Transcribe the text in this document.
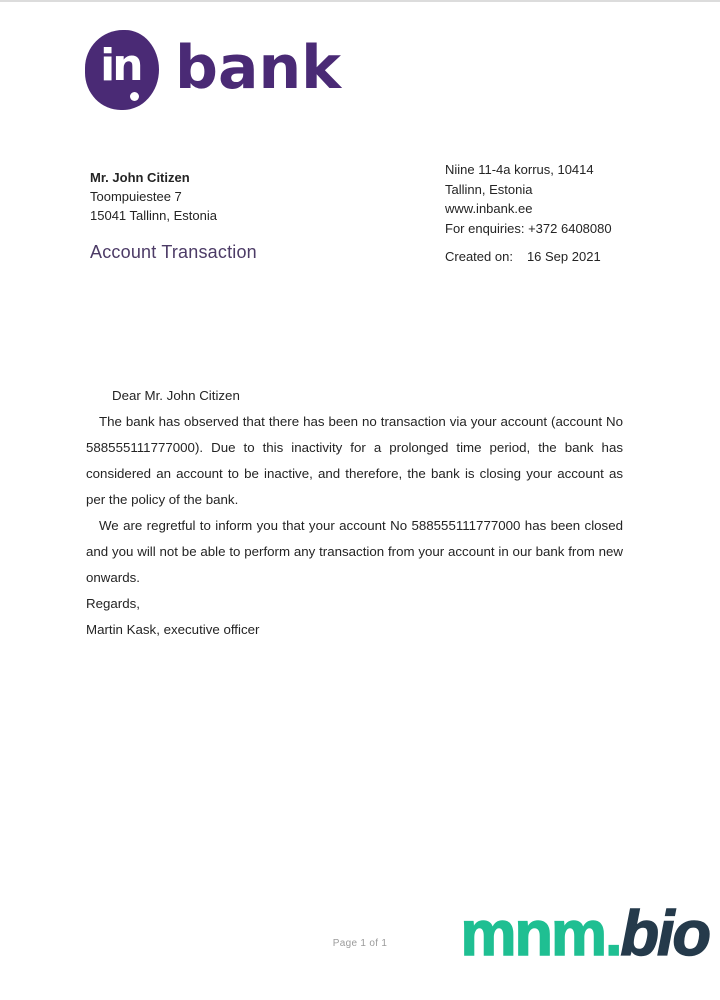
in bank
Mr. John Citizen
Toompuiestee 7
15041 Tallinn, Estonia
Account Transaction
Niine 11-4a korrus, 10414
Tallinn, Estonia
www.inbank.ee
For enquiries: +372 6408080
Created on: 16 Sep 2021

Dear Mr. John Citizen

The bank has observed that there has been no transaction via your account (account No 588555111777000). Due to this inactivity for a prolonged time period, the bank has considered an account to be inactive, and therefore, the bank is closing your account as per the policy of the bank.

We are regretful to inform you that your account No 588555111777000 has been closed and you will not be able to perform any transaction from your account in our bank from new onwards.

Regards,

Martin Kask, executive officer

Page 1 of 1	mnm.bio
